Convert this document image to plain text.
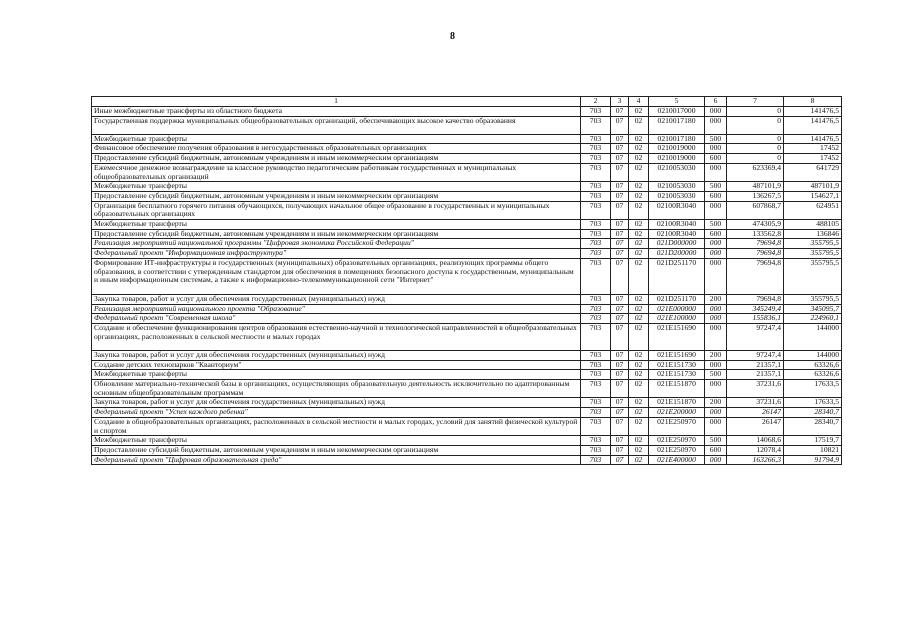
8
1	2	3	4	5	6	7	8
Иные межбюджетные трансферты из областного бюджета	703	07	02	0210017000	000	0	141476,5
Государственная поддержка муниципальных общеобразовательных организаций, обеспечивающих высокое качество образования	703	07	02	0210017180	000	0	141476,5
Межбюджетные трансферты	703	07	02	0210017180	500	0	141476,5
Финансовое обеспечение получения образования в негосударственных образовательных организациях	703	07	02	0210019000	000	0	17452
Предоставление субсидий бюджетным, автономным учреждениям и иным некоммерческим организациям	703	07	02	0210019000	600	0	17452
Ежемесячное денежное вознаграждение за классное руководство педагогическим работникам государственных и муниципальных общеобразовательных организаций	703	07	02	0210053030	000	623369,4	641729
Межбюджетные трансферты	703	07	02	0210053030	500	487101,9	487101,9
Предоставление субсидий бюджетным, автономным учреждениям и иным некоммерческим организациям	703	07	02	0210053030	600	136267,5	154627,1
Организация бесплатного горячего питания обучающихся, получающих начальное общее образование в государственных и муниципальных образовательных организациях	703	07	02	02100R3040	000	607868,7	624951
Межбюджетные трансферты	703	07	02	02100R3040	500	474305,9	488105
Предоставление субсидий бюджетным, автономным учреждениям и иным некоммерческим организациям	703	07	02	02100R3040	600	133562,8	136846
Реализация мероприятий национальной программы "Цифровая экономика Российской Федерации"	703	07	02	021D000000	000	79694,8	355795,5
Федеральный проект "Информационная инфраструктура"	703	07	02	021D200000	000	79694,8	355795,5
Формирование ИТ-инфраструктуры в государственных (муниципальных) образовательных организациях, реализующих программы общего образования, в соответствии с утвержденным стандартом для обеспечения в помещениях безопасного доступа к государственным, муниципальным и иным информационным системам, а также к информационно-телекоммуникационной сети "Интернет"	703	07	02	021D251170	000	79694,8	355795,5
Закупка товаров, работ и услуг для обеспечения государственных (муниципальных) нужд	703	07	02	021D251170	200	79694,8	355795,5
Реализация мероприятий национального проекта "Образование"	703	07	02	021E000000	000	345249,4	345095,7
Федеральный проект "Современная школа"	703	07	02	021E100000	000	155836,1	224960,1
Создание и обеспечение функционирования центров образования естественно-научной и технологической направленностей в общеобразовательных организациях, расположенных в сельской местности и малых городах	703	07	02	021E151690	000	97247,4	144000
Закупка товаров, работ и услуг для обеспечения государственных (муниципальных) нужд	703	07	02	021E151690	200	97247,4	144000
Создание детских технопарков "Кванториум"	703	07	02	021E151730	000	21357,1	63326,6
Межбюджетные трансферты	703	07	02	021E151730	500	21357,1	63326,6
Обновление материально-технической базы в организациях, осуществляющих образовательную деятельность исключительно по адаптированным основным общеобразовательным программам	703	07	02	021E151870	000	37231,6	17633,5
Закупка товаров, работ и услуг для обеспечения государственных (муниципальных) нужд	703	07	02	021E151870	200	37231,6	17633,5
Федеральный проект "Успех каждого ребенка"	703	07	02	021E200000	000	26147	28340,7
Создание в общеобразовательных организациях, расположенных в сельской местности и малых городах, условий для занятий физической культурой и спортом	703	07	02	021E250970	000	26147	28340,7
Межбюджетные трансферты	703	07	02	021E250970	500	14068,6	17519,7
Предоставление субсидий бюджетным, автономным учреждениям и иным некоммерческим организациям	703	07	02	021E250970	600	12078,4	10821
Федеральный проект "Цифровая образовательная среда"	703	07	02	021E400000	000	163266,3	91794,9
